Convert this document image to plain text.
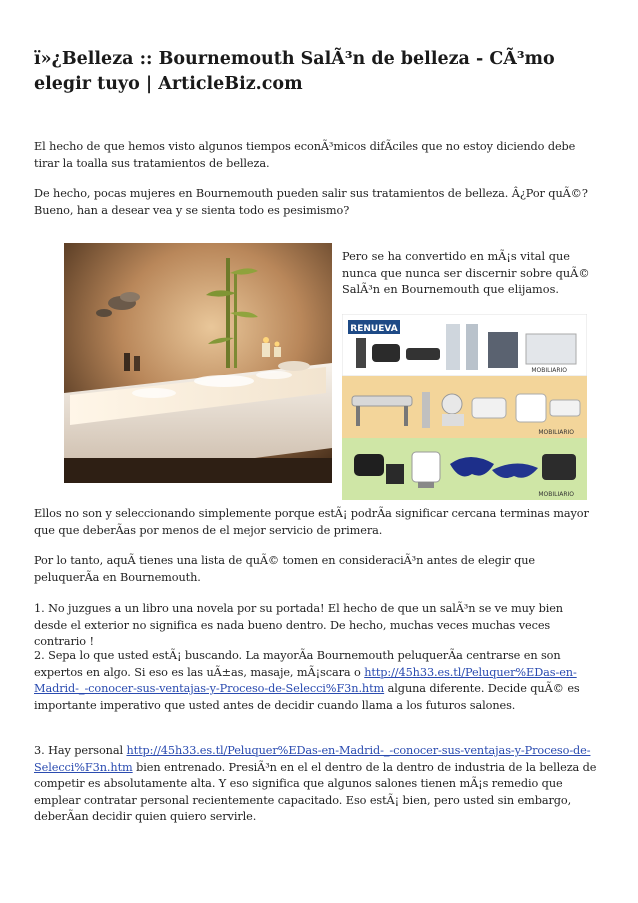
ï»¿Belleza :: Bournemouth SalÃ³n de belleza - CÃ³mo elegir tuyo | ArticleBiz.com

El hecho de que hemos visto algunos tiempos econÃ³micos difÃciles que no estoy diciendo debe tirar la toalla sus tratamientos de belleza.

De hecho, pocas mujeres en Bournemouth pueden salir sus tratamientos de belleza. Â¿Por quÃ©? Bueno, han a desear vea y se sienta todo es pesimismo?

Pero se ha convertido en mÃ¡s vital que nunca que nunca ser discernir sobre quÃ© SalÃ³n en Bournemouth que elijamos.

RENUEVA
MOBILIARIO
MOBILIARIO
MOBILIARIO

Ellos no son y seleccionando simplemente porque estÃ¡ podrÃa significar cercana terminas mayor que que deberÃas por menos de el mejor servicio de primera.

Por lo tanto, aquÃ tienes una lista de quÃ© tomen en consideraciÃ³n antes de elegir que peluquerÃa en Bournemouth.

1. No juzgues a un libro una novela por su portada! El hecho de que un salÃ³n se ve muy bien desde el exterior no significa es nada bueno dentro. De hecho, muchas veces muchas veces contrario !

2. Sepa lo que usted estÃ¡ buscando. La mayorÃa Bournemouth peluquerÃa centrarse en son expertos en algo. Si eso es las uÃ±as, masaje, mÃ¡scara o http://45h33.es.tl/Peluquer%EDas-en-Madrid-_-conocer-sus-ventajas-y-Proceso-de-Selecci%F3n.htm alguna diferente. Decide quÃ© es importante imperativo que usted antes de decidir cuando llama a los futuros salones.

3. Hay personal http://45h33.es.tl/Peluquer%EDas-en-Madrid-_-conocer-sus-ventajas-y-Proceso-de-Selecci%F3n.htm bien entrenado. PresiÃ³n en el el dentro de la dentro de industria de la belleza de competir es absolutamente alta. Y eso significa que algunos salones tienen mÃ¡s remedio que emplear contratar personal recientemente capacitado. Eso estÃ¡ bien, pero usted sin embargo, deberÃan decidir quien quiero servirle.
